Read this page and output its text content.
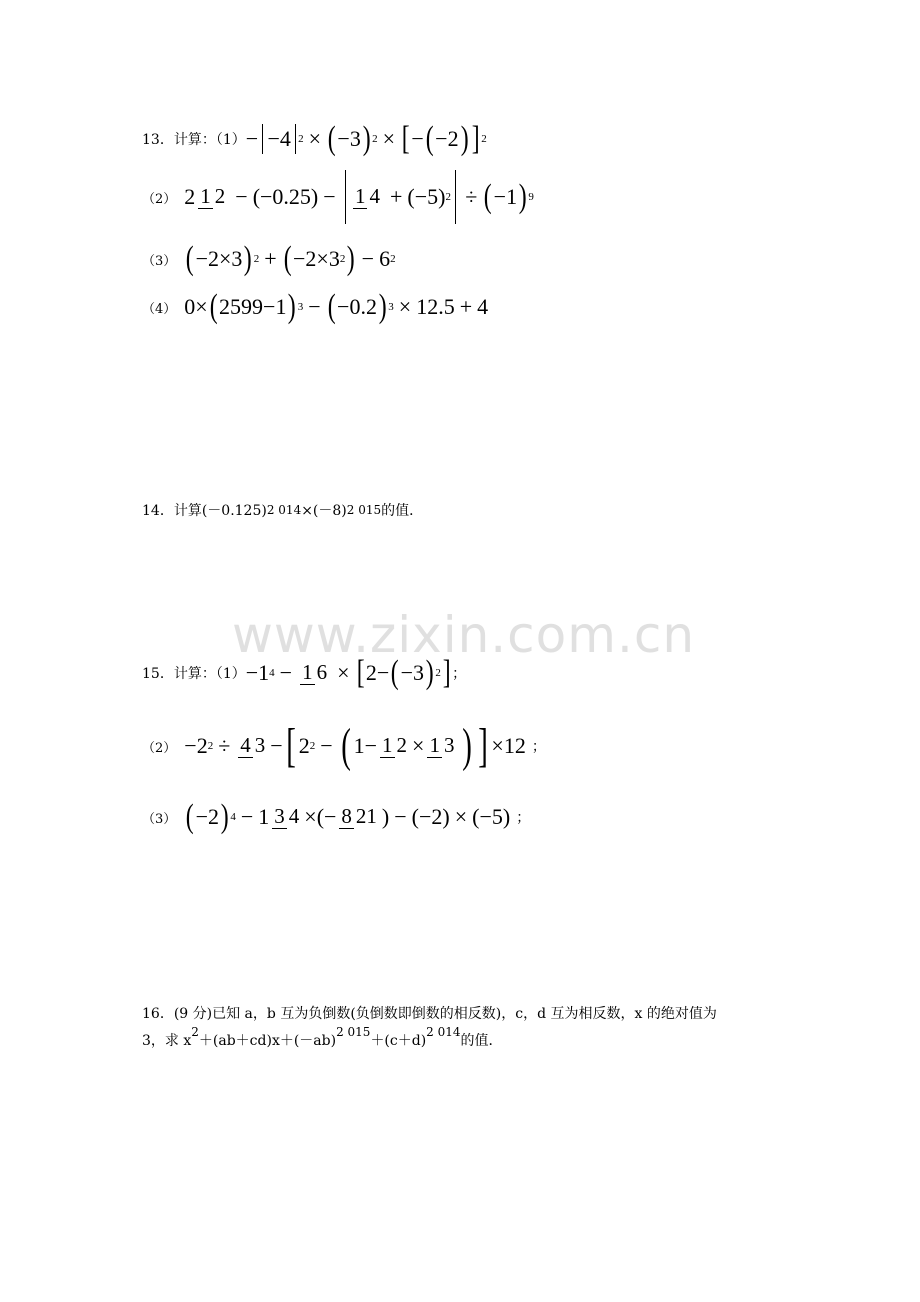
www.zixin.com.cn
13．计算：（1） − −4 2 × ( −3 ) 2 × [ − ( −2 ) ] 2
（2） 2 1 2 − (−0.25) − 1 4 + (−5) 2 ÷ ( −1 ) 9
（3） ( −2×3 ) 2 + ( −2×3 2 ) − 6 2
（4） 0× ( 2599−1 ) 3 − ( −0.2 ) 3 × 12.5 + 4
14． 计算(－0.125) 2 014 ×(－8) 2 015 的值．
15．计算：（1） −1 4 − 1 6 × [ 2− ( −3 ) 2 ] ；
（2） −2 2 ÷ 4 3 − [ 2 2 − ( 1− 1 2 × 1 3 ) ] ×12 ；
（3） ( −2 ) 4 − 1 3 4 ×(− 8 21 ) − (−2) × (−5) ；
16．(9 分)已知 a，b 互为负倒数(负倒数即倒数的相反数)，c，d 互为相反数，x 的绝对值为
3，求 x2＋(ab＋cd)x＋(－ab)2 015＋(c＋d)2 014的值．
